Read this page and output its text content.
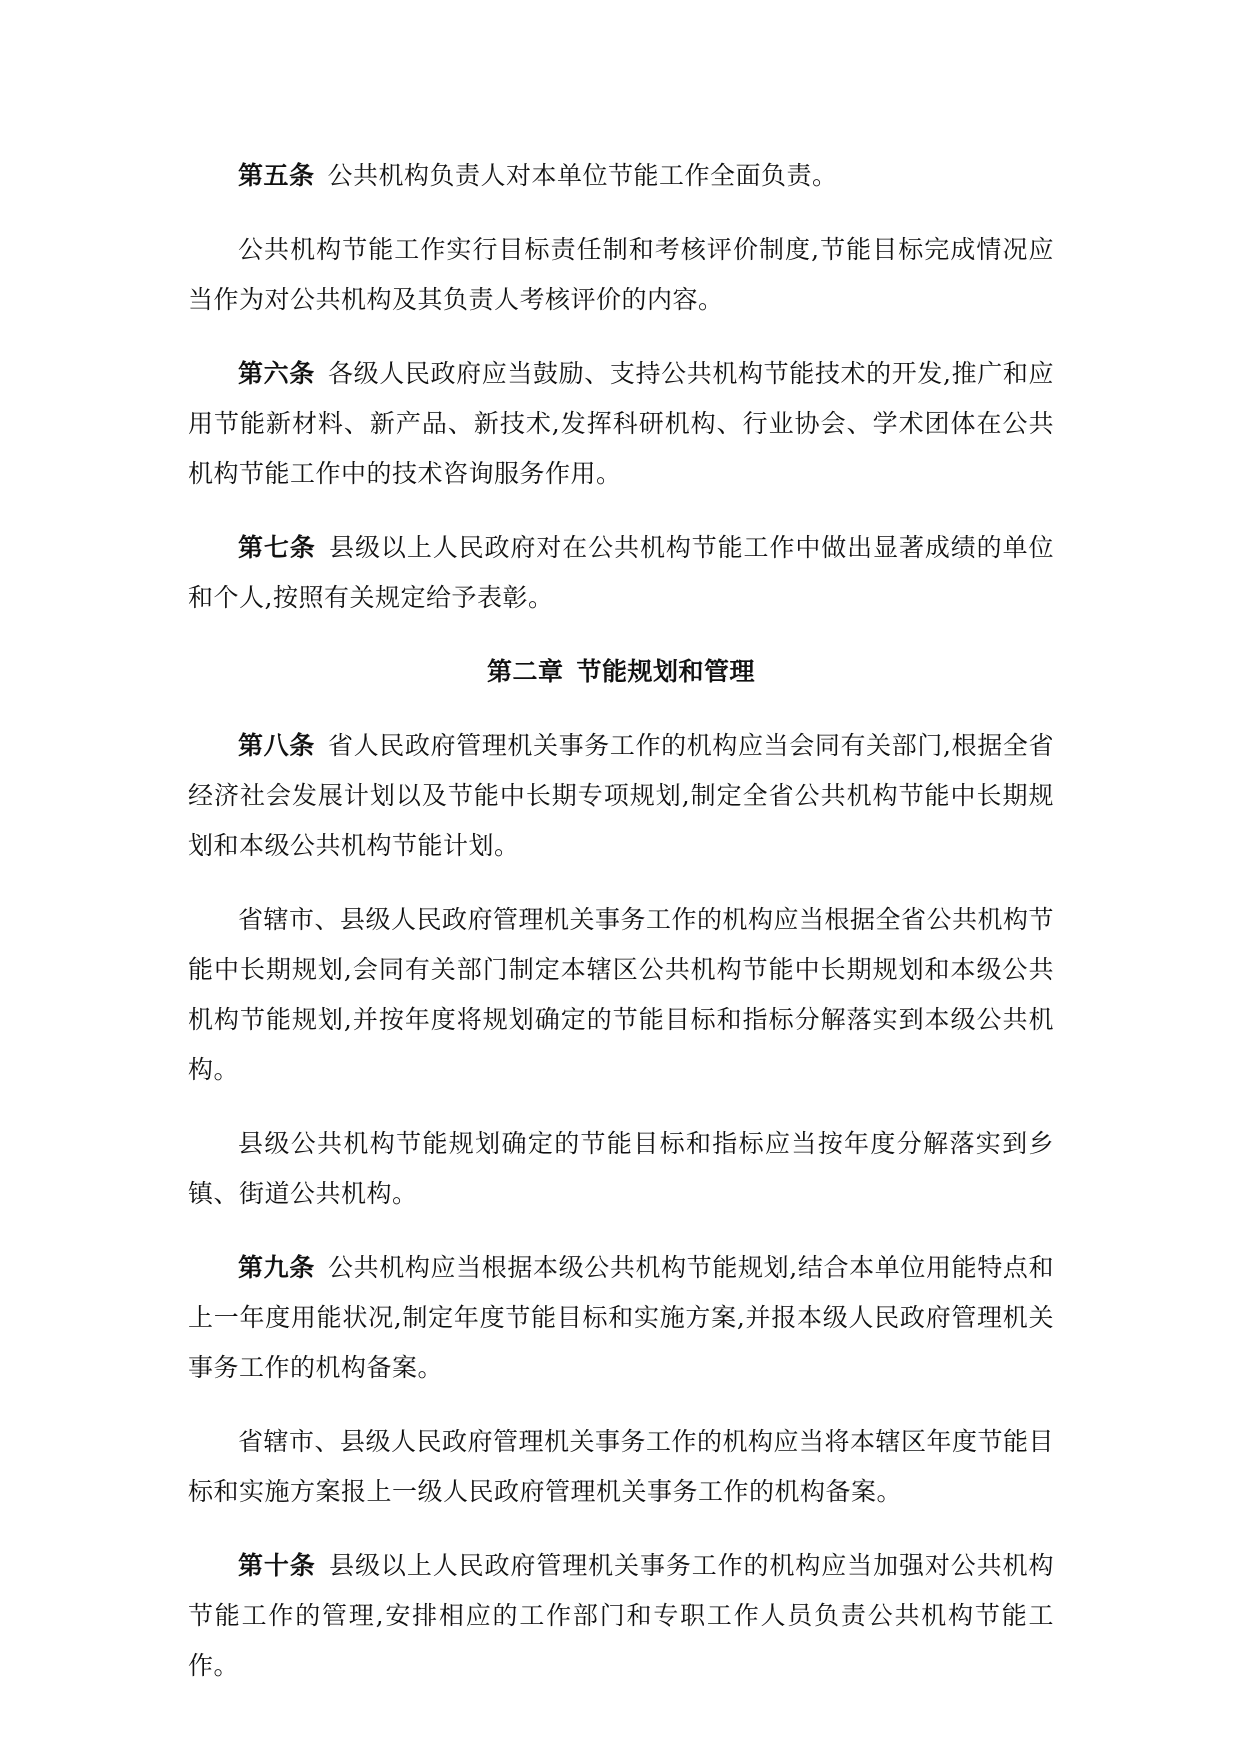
第五条 公共机构负责人对本单位节能工作全面负责。

公共机构节能工作实行目标责任制和考核评价制度,节能目标完成情况应当作为对公共机构及其负责人考核评价的内容。

第六条 各级人民政府应当鼓励、支持公共机构节能技术的开发,推广和应用节能新材料、新产品、新技术,发挥科研机构、行业协会、学术团体在公共机构节能工作中的技术咨询服务作用。

第七条 县级以上人民政府对在公共机构节能工作中做出显著成绩的单位和个人,按照有关规定给予表彰。

第二章 节能规划和管理

第八条 省人民政府管理机关事务工作的机构应当会同有关部门,根据全省经济社会发展计划以及节能中长期专项规划,制定全省公共机构节能中长期规划和本级公共机构节能计划。

省辖市、县级人民政府管理机关事务工作的机构应当根据全省公共机构节能中长期规划,会同有关部门制定本辖区公共机构节能中长期规划和本级公共机构节能规划,并按年度将规划确定的节能目标和指标分解落实到本级公共机构。

县级公共机构节能规划确定的节能目标和指标应当按年度分解落实到乡镇、街道公共机构。

第九条 公共机构应当根据本级公共机构节能规划,结合本单位用能特点和上一年度用能状况,制定年度节能目标和实施方案,并报本级人民政府管理机关事务工作的机构备案。

省辖市、县级人民政府管理机关事务工作的机构应当将本辖区年度节能目标和实施方案报上一级人民政府管理机关事务工作的机构备案。

第十条 县级以上人民政府管理机关事务工作的机构应当加强对公共机构节能工作的管理,安排相应的工作部门和专职工作人员负责公共机构节能工作。
